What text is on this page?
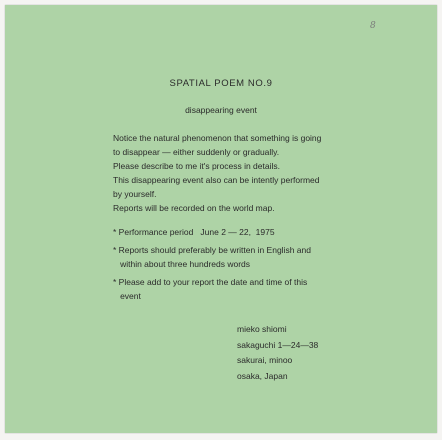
8
SPATIAL POEM NO.9
disappearing event

Notice the natural phenomenon that something is going

to disappear — either suddenly or gradually.

Please describe to me it's process in details.

This disappearing event also can be intently performed

by yourself.

Reports will be recorded on the world map.

* Performance period   June 2 — 22,  1975
* Reports should preferably be written in English and
within about three hundreds words
* Please add to your report the date and time of this
event
mieko shiomi
sakaguchi 1—24—38
sakurai, minoo
osaka, Japan
